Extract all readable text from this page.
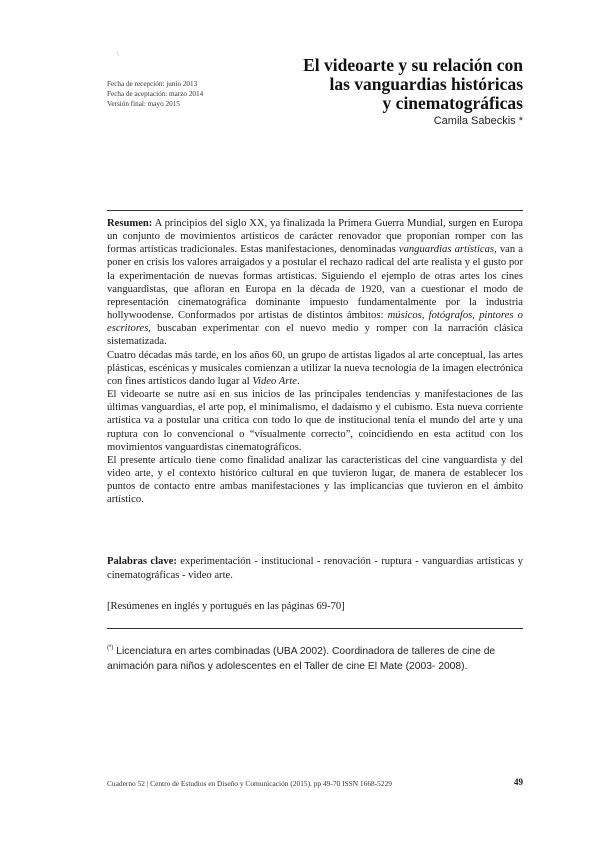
\
Fecha de recepción: junio 2013
Fecha de aceptación: marzo 2014
Versión final: mayo 2015
El videoarte y su relación con
las vanguardias históricas
y cinematográficas
Camila Sabeckis *

Resumen: A principios del siglo XX, ya finalizada la Primera Guerra Mundial, surgen en Europa un conjunto de movimientos artísticos de carácter renovador que proponían romper con las formas artísticas tradicionales. Estas manifestaciones, denominadas vanguardias artísticas, van a poner en crisis los valores arraigados y a postular el rechazo radical del arte realista y el gusto por la experimentación de nuevas formas artísticas. Siguiendo el ejemplo de otras artes los cines vanguardistas, que afloran en Europa en la década de 1920, van a cuestionar el modo de representación cinematográfica dominante impuesto fundamentalmente por la industria hollywoodense. Conformados por artistas de distintos ámbitos: músicos, fotógrafos, pintores o escritores, buscaban experimentar con el nuevo medio y romper con la narración clásica sistematizada.

Cuatro décadas más tarde, en los años 60, un grupo de artistas ligados al arte conceptual, las artes plásticas, escénicas y musicales comienzan a utilizar la nueva tecnología de la imagen electrónica con fines artísticos dando lugar al Video Arte.

El videoarte se nutre así en sus inicios de las principales tendencias y manifestaciones de las últimas vanguardias, el arte pop, el minimalismo, el dadaísmo y el cubismo. Esta nueva corriente artística va a postular una crítica con todo lo que de institucional tenía el mundo del arte y una ruptura con lo convencional o “visualmente correcto”, coincidiendo en esta actitud con los movimientos vanguardistas cinematográficos.

El presente artículo tiene como finalidad analizar las características del cine vanguardista y del video arte, y el contexto histórico cultural en que tuvieron lugar, de manera de establecer los puntos de contacto entre ambas manifestaciones y las implicancias que tuvieron en el ámbito artístico.

Palabras clave: experimentación - institucional - renovación - ruptura - vanguardias artísticas y cinematográficas - video arte.

[Resúmenes en inglés y portugués en las páginas 69-70]
(*) Licenciatura en artes combinadas (UBA 2002). Coordinadora de talleres de cine de animación para niños y adolescentes en el Taller de cine El Mate (2003- 2008).
Cuaderno 52 | Centro de Estudios en Diseño y Comunicación (2015). pp 49-70 ISSN 1668-5229	49
